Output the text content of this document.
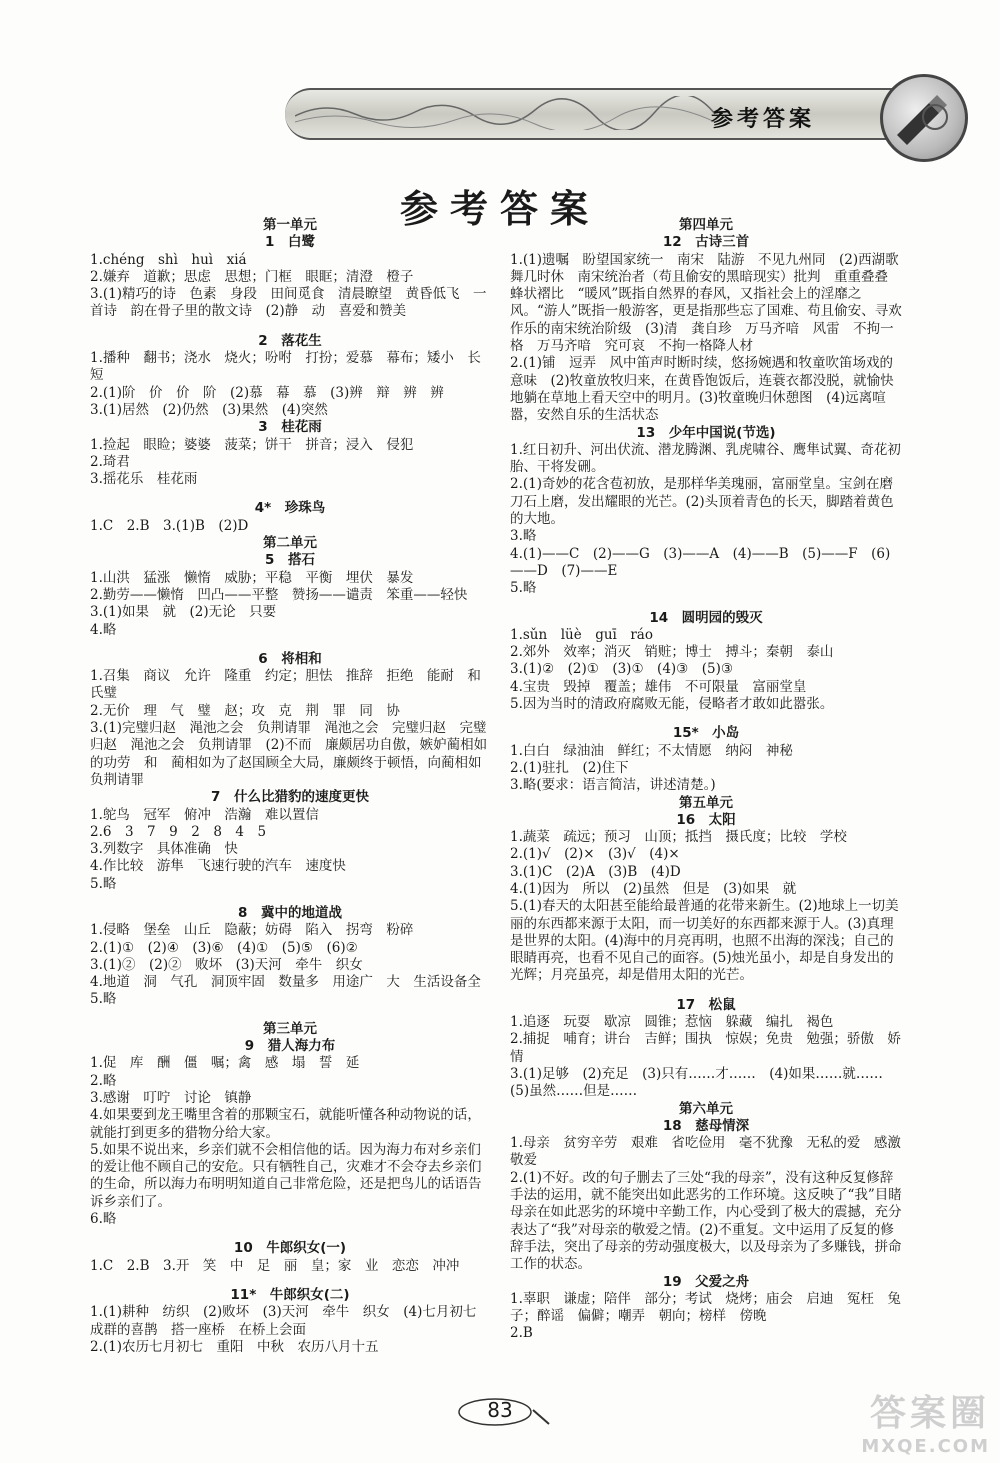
参考答案
参考答案
第一单元
1　白鹭
1.chéng　shì　huì　xiá
2.嫌弃　道歉；思虑　思想；门框　眼眶；清澄　橙子
3.(1)精巧的诗　色素　身段　田间觅食　清晨瞭望　黄昏低飞　一首诗　韵在骨子里的散文诗　(2)静　动　喜爱和赞美
2　落花生
1.播种　翻书；浇水　烧火；吩咐　打扮；爱慕　幕布；矮小　长短
2.(1)阶　价　价　阶　(2)慕　幕　慕　(3)辨　辩　辨　辨
3.(1)居然　(2)仍然　(3)果然　(4)突然
3　桂花雨
1.捡起　眼睑；婆婆　菠菜；饼干　拼音；浸入　侵犯
2.琦君
3.摇花乐　桂花雨
4*　珍珠鸟
1.C　2.B　3.(1)B　(2)D
第二单元
5　搭石
1.山洪　猛涨　懒惰　威胁；平稳　平衡　埋伏　暴发
2.勤劳——懒惰　凹凸——平整　赞扬——谴责　笨重——轻快
3.(1)如果　就　(2)无论　只要
4.略
6　将相和
1.召集　商议　允许　隆重　约定；胆怯　推辞　拒绝　能耐　和氏璧
2.无价　理　气　璧　赵；攻　克　荆　罪　同　协
3.(1)完璧归赵　渑池之会　负荆请罪　渑池之会　完璧归赵　完璧归赵　渑池之会　负荆请罪　(2)不而　廉颇居功自傲，嫉妒蔺相如的功劳　和　蔺相如为了赵国顾全大局，廉颇终于顿悟，向蔺相如负荆请罪
7　什么比猎豹的速度更快
1.鸵鸟　冠军　俯冲　浩瀚　难以置信
2.6　3　7　9　2　8　4　5
3.列数字　具体准确　快
4.作比较　游隼　飞速行驶的汽车　速度快
5.略
8　冀中的地道战
1.侵略　堡垒　山丘　隐蔽；妨碍　陷入　拐弯　粉碎
2.(1)①　(2)④　(3)⑥　(4)①　(5)⑤　(6)②
3.(1)②　(2)②　败坏　(3)天河　牵牛　织女
4.地道　洞　气孔　洞顶牢固　数量多　用途广　大　生活设备全
5.略
第三单元
9　猎人海力布
1.促　库　酬　僵　嘱；禽　感　塌　誓　延
2.略
3.感谢　叮咛　讨论　镇静
4.如果要到龙王嘴里含着的那颗宝石，就能听懂各种动物说的话，就能打到更多的猎物分给大家。
5.如果不说出来，乡亲们就不会相信他的话。因为海力布对乡亲们的爱让他不顾自己的安危。只有牺牲自己，灾难才不会夺去乡亲们的生命，所以海力布明明知道自己非常危险，还是把鸟儿的话语告诉乡亲们了。
6.略
10　牛郎织女(一)
1.C　2.B　3.开　笑　中　足　丽　皇；家　业　恋恋　冲冲
11*　牛郎织女(二)
1.(1)耕种　纺织　(2)败坏　(3)天河　牵牛　织女　(4)七月初七　成群的喜鹊　搭一座桥　在桥上会面
2.(1)农历七月初七　重阳　中秋　农历八月十五
第四单元
12　古诗三首
1.(1)遗嘱　盼望国家统一　南宋　陆游　不见九州同　(2)西湖歌舞几时休　南宋统治者（苟且偷安的黑暗现实）批判　重重叠叠　蜂状褶比　“暖风”既指自然界的春风，又指社会上的淫靡之风。“游人”既指一般游客，更是指那些忘了国难、苟且偷安、寻欢作乐的南宋统治阶级　(3)清　龚自珍　万马齐喑　风雷　不拘一格　万马齐喑　究可哀　不拘一格降人材
2.(1)铺　逗弄　风中笛声时断时续，悠扬婉遇和牧童吹笛场戏的意味　(2)牧童放牧归来，在黄昏饱饭后，连蓑衣都没脱，就愉快地躺在草地上看天空中的明月。(3)牧童晚归休憩图　(4)远离喧嚣，安然自乐的生活状态
13　少年中国说(节选)
1.红日初升、河出伏流、潜龙腾渊、乳虎啸谷、鹰隼试翼、奇花初胎、干将发硎。
2.(1)奇妙的花含苞初放，是那样华美瑰丽，富丽堂皇。宝剑在磨刀石上磨，发出耀眼的光芒。(2)头顶着青色的长天，脚踏着黄色的大地。
3.略
4.(1)——C　(2)——G　(3)——A　(4)——B　(5)——F　(6)——D　(7)——E
5.略
14　圆明园的毁灭
1.sǔn　lüè　guī　ráo
2.郊外　效率；消灭　销赃；博士　搏斗；秦朝　泰山
3.(1)②　(2)①　(3)①　(4)③　(5)③
4.宝贵　毁掉　覆盖；雄伟　不可限量　富丽堂皇
5.因为当时的清政府腐败无能，侵略者才敢如此嚣张。
15*　小岛
1.白白　绿油油　鲜红；不太情愿　纳闷　神秘
2.(1)驻扎　(2)住下
3.略(要求：语言简洁，讲述清楚。)
第五单元
16　太阳
1.蔬菜　疏远；预习　山顶；抵挡　摄氏度；比较　学校
2.(1)√　(2)×　(3)√　(4)×
3.(1)C　(2)A　(3)B　(4)D
4.(1)因为　所以　(2)虽然　但是　(3)如果　就
5.(1)春天的太阳甚至能给最普通的花带来新生。(2)地球上一切美丽的东西都来源于太阳，而一切美好的东西都来源于人。(3)真理是世界的太阳。(4)海中的月亮再明，也照不出海的深浅；自己的眼睛再亮，也看不见自己的面容。(5)烛光虽小，却是自身发出的光辉；月亮虽亮，却是借用太阳的光芒。
17　松鼠
1.追逐　玩耍　歇凉　圆锥；惹恼　躲藏　编扎　褐色
2.捕捉　哺育；讲台　吉鲜；围执　惊娱；免贵　勉强；骄傲　娇情
3.(1)足够　(2)充足　(3)只有……才……　(4)如果……就……　(5)虽然……但是……
第六单元
18　慈母情深
1.母亲　贫穷辛劳　艰难　省吃俭用　毫不犹豫　无私的爱　感激　敬爱
2.(1)不好。改的句子删去了三处“我的母亲”，没有这种反复修辞手法的运用，就不能突出如此恶劣的工作环境。这反映了“我”目睹母亲在如此恶劣的环境中辛勤工作，内心受到了极大的震撼，充分表达了“我”对母亲的敬爱之情。(2)不重复。文中运用了反复的修辞手法，突出了母亲的劳动强度极大，以及母亲为了多赚钱，拼命工作的状态。
19　父爱之舟
1.辜职　谦虚；陪伴　部分；考试　烧烤；庙会　启迪　冤枉　兔子；醉谣　偏僻；嘲弄　朝向；榜样　傍晚
2.B
83	答案圈
MXQE.COM
